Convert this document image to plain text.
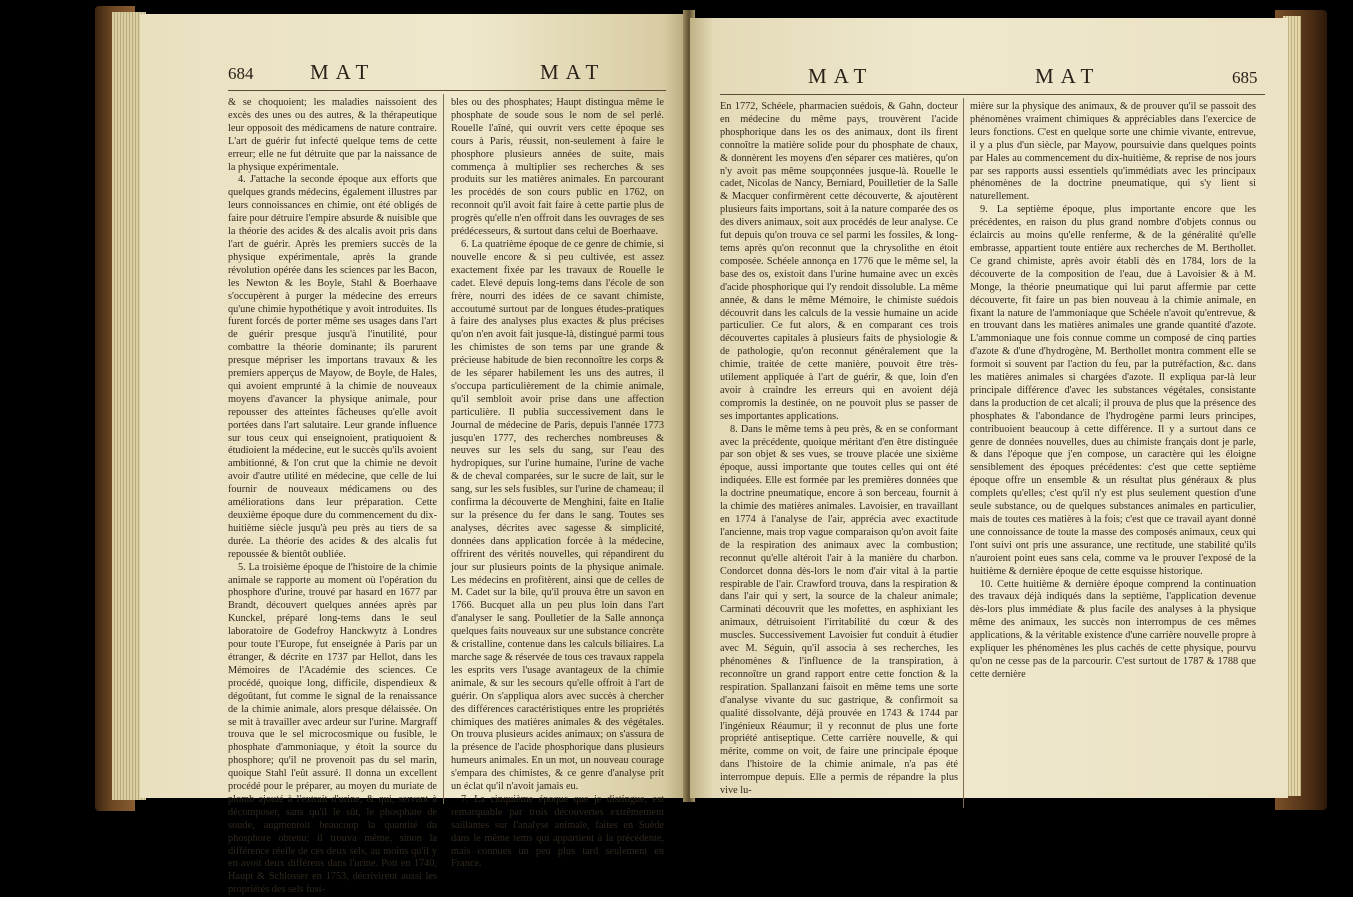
684	MAT	MAT

& se choquoient; les maladies naissoient des excès des unes ou des autres, & la thérapeutique leur opposoit des médicamens de nature contraire. L'art de guérir fut infecté quelque tems de cette erreur; elle ne fut détruite que par la naissance de la physique expérimentale.

4. J'attache la seconde époque aux efforts que quelques grands médecins, également illustres par leurs connoissances en chimie, ont été obligés de faire pour détruire l'empire absurde & nuisible que la théorie des acides & des alcalis avoit pris dans l'art de guérir. Après les premiers succès de la physique expérimentale, après la grande révolution opérée dans les sciences par les Bacon, les Newton & les Boyle, Stahl & Boerhaave s'occupèrent à purger la médecine des erreurs qu'une chimie hypothétique y avoit introduites. Ils furent forcés de porter même ses usages dans l'art de guérir presque jusqu'à l'inutilité, pour combattre la théorie dominante; ils parurent presque mépriser les importans travaux & les premiers apperçus de Mayow, de Boyle, de Hales, qui avoient emprunté à la chimie de nouveaux moyens d'avancer la physique animale, pour repousser des atteintes fâcheuses qu'elle avoit portées dans l'art salutaire. Leur grande influence sur tous ceux qui enseignoient, pratiquoient & étudioient la médecine, eut le succès qu'ils avoient ambitionné, & l'on crut que la chimie ne devoit avoir d'autre utilité en médecine, que celle de lui fournir de nouveaux médicamens ou des améliorations dans leur préparation. Cette deuxième époque dure du commencement du dix-huitième siècle jusqu'à peu près au tiers de sa durée. La théorie des acides & des alcalis fut repoussée & bientôt oubliée.

5. La troisième époque de l'histoire de la chimie animale se rapporte au moment où l'opération du phosphore d'urine, trouvé par hasard en 1677 par Brandt, découvert quelques années après par Kunckel, préparé long-tems dans le seul laboratoire de Godefroy Hanckwytz à Londres pour toute l'Europe, fut enseignée à Paris par un étranger, & décrite en 1737 par Hellot, dans les Mémoires de l'Académie des sciences. Ce procédé, quoique long, difficile, dispendieux & dégoûtant, fut comme le signal de la renaissance de la chimie animale, alors presque délaissée. On se mit à travailler avec ardeur sur l'urine. Margraff trouva que le sel microcosmique ou fusible, le phosphate d'ammoniaque, y étoit la source du phosphore; qu'il ne provenoit pas du sel marin, quoique Stahl l'eût assuré. Il donna un excellent procédé pour le préparer, au moyen du muriate de plomb ajouté à l'extrait d'urine, & qui, servant à décomposer, sans qu'il le sût, le phosphate de soude, augmentoit beaucoup la quantité du phosphore obtenu; il trouva même, sinon la différence réelle de ces deux sels, au moins qu'il y en avoit deux différens dans l'urine. Pott en 1740, Haupt & Schlosser en 1753, décrivirent aussi les propriétés des sels fusi-

bles ou des phosphates; Haupt distingua même le phosphate de soude sous le nom de sel perlé. Rouelle l'aîné, qui ouvrit vers cette époque ses cours à Paris, réussit, non-seulement à faire le phosphore plusieurs années de suite, mais commença à multiplier ses recherches & ses produits sur les matières animales. En parcourant les procédés de son cours public en 1762, on reconnoit qu'il avoit fait faire à cette partie plus de progrès qu'elle n'en offroit dans les ouvrages de ses prédécesseurs, & surtout dans celui de Boerhaave.

6. La quatrième époque de ce genre de chimie, si nouvelle encore & si peu cultivée, est assez exactement fixée par les travaux de Rouelle le cadet. Elevé depuis long-tems dans l'école de son frère, nourri des idées de ce savant chimiste, accoutumé surtout par de longues études-pratiques à faire des analyses plus exactes & plus précises qu'on n'en avoit fait jusque-là, distingué parmi tous les chimistes de son tems par une grande & précieuse habitude de bien reconnoître les corps & de les séparer habilement les uns des autres, il s'occupa particulièrement de la chimie animale, qu'il sembloit avoir prise dans une affection particulière. Il publia successivement dans le Journal de médecine de Paris, depuis l'année 1773 jusqu'en 1777, des recherches nombreuses & neuves sur les sels du sang, sur l'eau des hydropiques, sur l'urine humaine, l'urine de vache & de cheval comparées, sur le sucre de lait, sur le sang, sur les sels fusibles, sur l'urine de chameau; il confirma la découverte de Menghini, faite en Italie sur la présence du fer dans le sang. Toutes ses analyses, décrites avec sagesse & simplicité, données dans application forcée à la médecine, offrirent des vérités nouvelles, qui répandirent du jour sur plusieurs points de la physique animale. Les médecins en profitèrent, ainsi que de celles de M. Cadet sur la bile, qu'il prouva être un savon en 1766. Bucquet alla un peu plus loin dans l'art d'analyser le sang. Poulletier de la Salle annonça quelques faits nouveaux sur une substance concrète & cristalline, contenue dans les calculs biliaires. La marche sage & réservée de tous ces travaux rappela les esprits vers l'usage avantageux de la chimie animale, & sur les secours qu'elle offroit à l'art de guérir. On s'appliqua alors avec succès à chercher des différences caractéristiques entre les propriétés chimiques des matières animales & des végétales. On trouva plusieurs acides animaux; on s'assura de la présence de l'acide phosphorique dans plusieurs humeurs animales. En un mot, un nouveau courage s'empara des chimistes, & ce genre d'analyse prit un éclat qu'il n'avoit jamais eu.

7. La cinquième époque que je distingue, est remarquable par trois découvertes extrêmement saillantes sur l'analyse animale, faites en Suède dans le même tems qui appartient à la précédente, mais connues un peu plus tard seulement en France.

MAT	MAT	685

En 1772, Schéele, pharmacien suédois, & Gahn, docteur en médecine du même pays, trouvèrent l'acide phosphorique dans les os des animaux, dont ils firent connoître la matière solide pour du phosphate de chaux, & donnèrent les moyens d'en séparer ces matières, qu'on n'y avoit pas même soupçonnées jusque-là. Rouelle le cadet, Nicolas de Nancy, Berniard, Pouilletier de la Salle & Macquer confirmèrent cette découverte, & ajoutèrent plusieurs faits importans, soit à la nature comparée des os des divers animaux, soit aux procédés de leur analyse. Ce fut depuis qu'on trouva ce sel parmi les fossiles, & long-tems après qu'on reconnut que la chrysolithe en étoit composée. Schéele annonça en 1776 que le même sel, la base des os, existoit dans l'urine humaine avec un excès d'acide phosphorique qui l'y rendoit dissoluble. La même année, & dans le même Mémoire, le chimiste suédois découvrit dans les calculs de la vessie humaine un acide particulier. Ce fut alors, & en comparant ces trois découvertes capitales à plusieurs faits de physiologie & de pathologie, qu'on reconnut généralement que la chimie, traitée de cette manière, pouvoit être très-utilement appliquée à l'art de guérir, & que, loin d'en avoir à craindre les erreurs qui en avoient déjà compromis la destinée, on ne pouvoit plus se passer de ses importantes applications.

8. Dans le même tems à peu près, & en se conformant avec la précédente, quoique méritant d'en être distinguée par son objet & ses vues, se trouve placée une sixième époque, aussi importante que toutes celles qui ont été indiquées. Elle est formée par les premières données que la doctrine pneumatique, encore à son berceau, fournit à la chimie des matières animales. Lavoisier, en travaillant en 1774 à l'analyse de l'air, apprécia avec exactitude l'ancienne, mais trop vague comparaison qu'on avoit faite de la respiration des animaux avec la combustion; reconnut qu'elle altéroit l'air à la manière du charbon. Condorcet donna dès-lors le nom d'air vital à la partie respirable de l'air. Crawford trouva, dans la respiration & dans l'air qui y sert, la source de la chaleur animale; Carminati découvrit que les mofettes, en asphixiant les animaux, détruisoient l'irritabilité du cœur & des muscles. Successivement Lavoisier fut conduit à étudier avec M. Séguin, qu'il associa à ses recherches, les phénomènes & l'influence de la transpiration, à reconnoître un grand rapport entre cette fonction & la respiration. Spallanzani faisoit en même tems une sorte d'analyse vivante du suc gastrique, & confirmoit sa qualité dissolvante, déjà prouvée en 1743 & 1744 par l'ingénieux Réaumur; il y reconnut de plus une forte propriété antiseptique. Cette carrière nouvelle, & qui mérite, comme on voit, de faire une principale époque dans l'histoire de la chimie animale, n'a pas été interrompue depuis. Elle a permis de répandre la plus vive lu-

mière sur la physique des animaux, & de prouver qu'il se passoit des phénomènes vraiment chimiques & appréciables dans l'exercice de leurs fonctions. C'est en quelque sorte une chimie vivante, entrevue, il y a plus d'un siècle, par Mayow, poursuivie dans quelques points par Hales au commencement du dix-huitième, & reprise de nos jours par ses rapports aussi essentiels qu'immédiats avec les principaux phénomènes de la doctrine pneumatique, qui s'y lient si naturellement.

9. La septième époque, plus importante encore que les précédentes, en raison du plus grand nombre d'objets connus ou éclaircis au moins qu'elle renferme, & de la généralité qu'elle embrasse, appartient toute entière aux recherches de M. Berthollet. Ce grand chimiste, après avoir établi dès en 1784, lors de la découverte de la composition de l'eau, due à Lavoisier & à M. Monge, la théorie pneumatique qui lui parut affermie par cette découverte, fit faire un pas bien nouveau à la chimie animale, en fixant la nature de l'ammoniaque que Schéele n'avoit qu'entrevue, & en trouvant dans les matières animales une grande quantité d'azote. L'ammoniaque une fois connue comme un composé de cinq parties d'azote & d'une d'hydrogène, M. Berthollet montra comment elle se formoit si souvent par l'action du feu, par la putréfaction, &c. dans les matières animales si chargées d'azote. Il expliqua par-là leur principale différence d'avec les substances végétales, consistante dans la production de cet alcali; il prouva de plus que la présence des phosphates & l'abondance de l'hydrogène parmi leurs principes, contribuoient beaucoup à cette différence. Il y a surtout dans ce genre de données nouvelles, dues au chimiste français dont je parle, & dans l'époque que j'en compose, un caractère qui les éloigne sensiblement des époques précédentes: c'est que cette septième époque offre un ensemble & un résultat plus généraux & plus complets qu'elles; c'est qu'il n'y est plus seulement question d'une seule substance, ou de quelques substances animales en particulier, mais de toutes ces matières à la fois; c'est que ce travail ayant donné une connoissance de toute la masse des composés animaux, ceux qui l'ont suivi ont pris une assurance, une rectitude, une stabilité qu'ils n'auroient point eues sans cela, comme va le prouver l'exposé de la huitième & dernière époque de cette esquisse historique.

10. Cette huitième & dernière époque comprend la continuation des travaux déjà indiqués dans la septième, l'application devenue dès-lors plus immédiate & plus facile des analyses à la physique même des animaux, les succès non interrompus de ces mêmes applications, & la véritable existence d'une carrière nouvelle propre à expliquer les phénomènes les plus cachés de cette physique, pourvu qu'on ne cesse pas de la parcourir. C'est surtout de 1787 & 1788 que cette dernière
